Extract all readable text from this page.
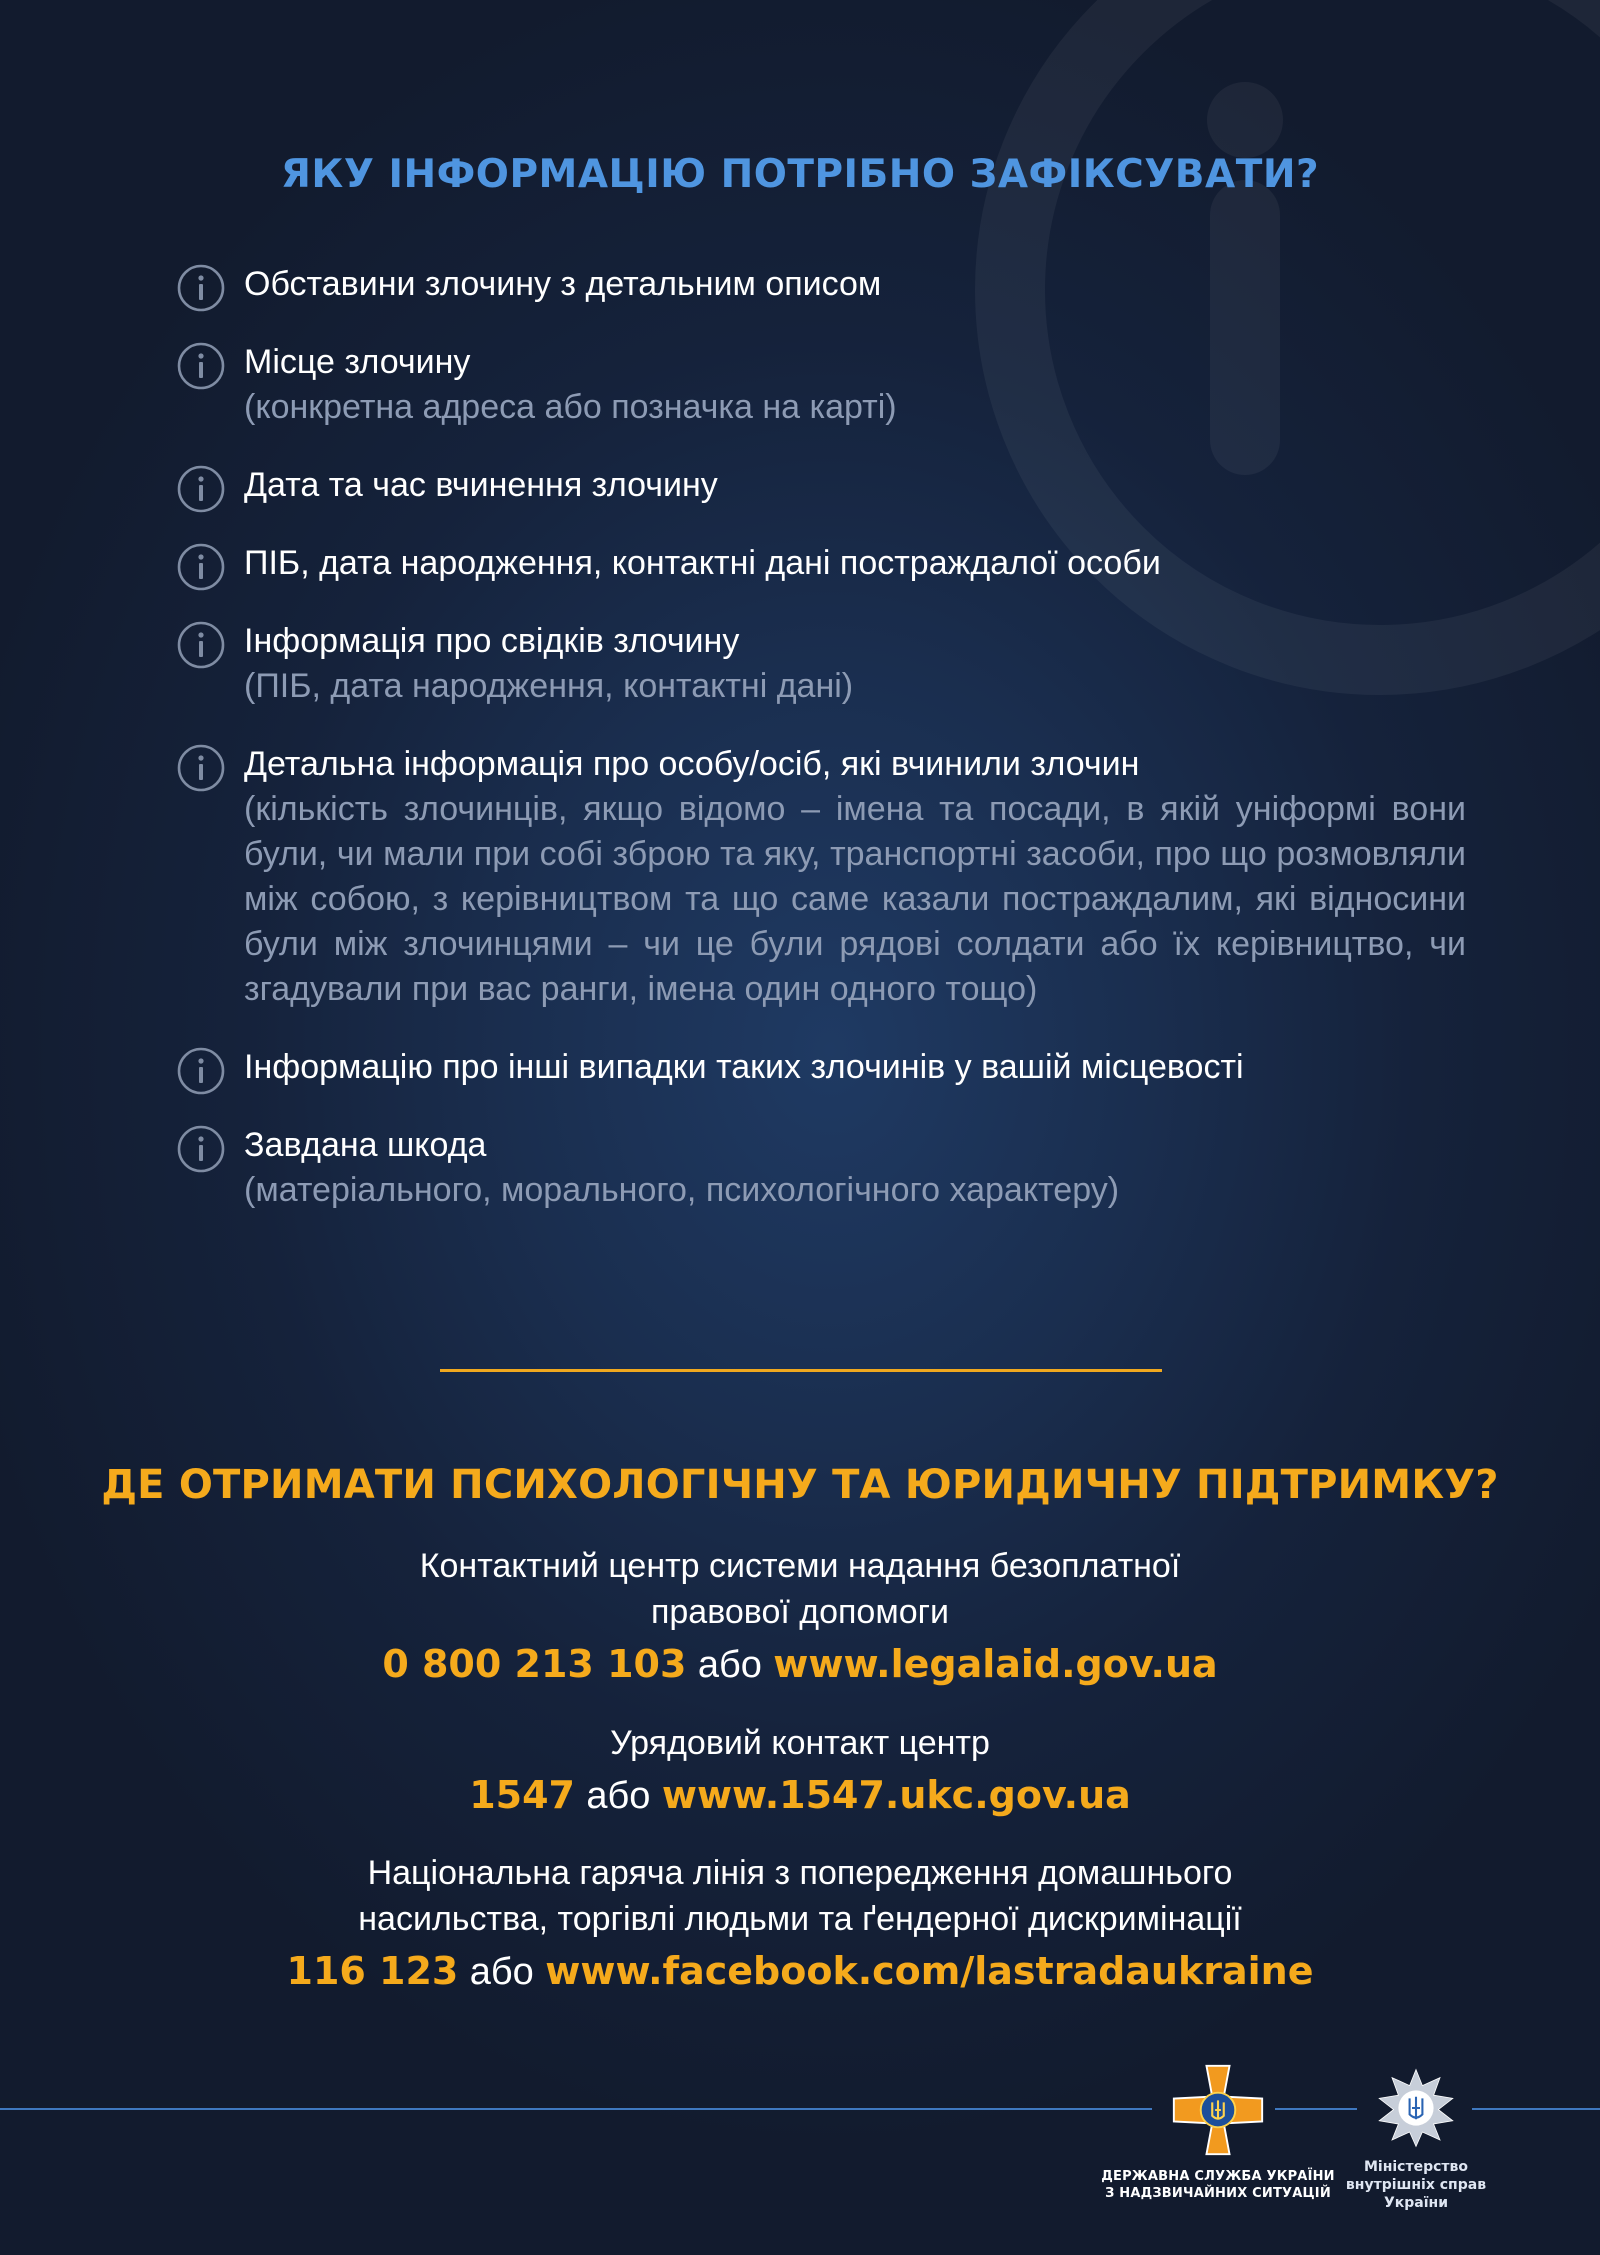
ЯКУ ІНФОРМАЦІЮ ПОТРІБНО ЗАФІКСУВАТИ?
Обставини злочину з детальним описом
Місце злочину
(конкретна адреса або позначка на карті)
Дата та час вчинення злочину
ПІБ, дата народження, контактні дані постраждалої особи
Інформація про свідків злочину
(ПІБ, дата народження, контактні дані)
Детальна інформація про особу/осіб, які вчинили злочин
(кількість злочинців, якщо відомо – імена та посади, в якій уніформі вони були, чи мали при собі зброю та яку, транспортні засоби, про що розмовляли між собою, з керівництвом та що саме казали постраждалим, які відносини були між злочинцями – чи це були рядові солдати або їх керівництво, чи згадували при вас ранги, імена один одного тощо)
Інформацію про інші випадки таких злочинів у вашій місцевості
Завдана шкода
(матеріального, морального, психологічного характеру)
ДЕ ОТРИМАТИ ПСИХОЛОГІЧНУ ТА ЮРИДИЧНУ ПІДТРИМКУ?
Контактний центр системи надання безоплатної
правової допомоги
0 800 213 103 або www.legalaid.gov.ua
Урядовий контакт центр
1547 або www.1547.ukc.gov.ua
Національна гаряча лінія з попередження домашнього
насильства, торгівлі людьми та ґендерної дискримінації
116 123 або www.facebook.com/lastradaukraine
ДЕРЖАВНА СЛУЖБА УКРАЇНИ
З НАДЗВИЧАЙНИХ СИТУАЦІЙ
Міністерство
внутрішніх справ
України
